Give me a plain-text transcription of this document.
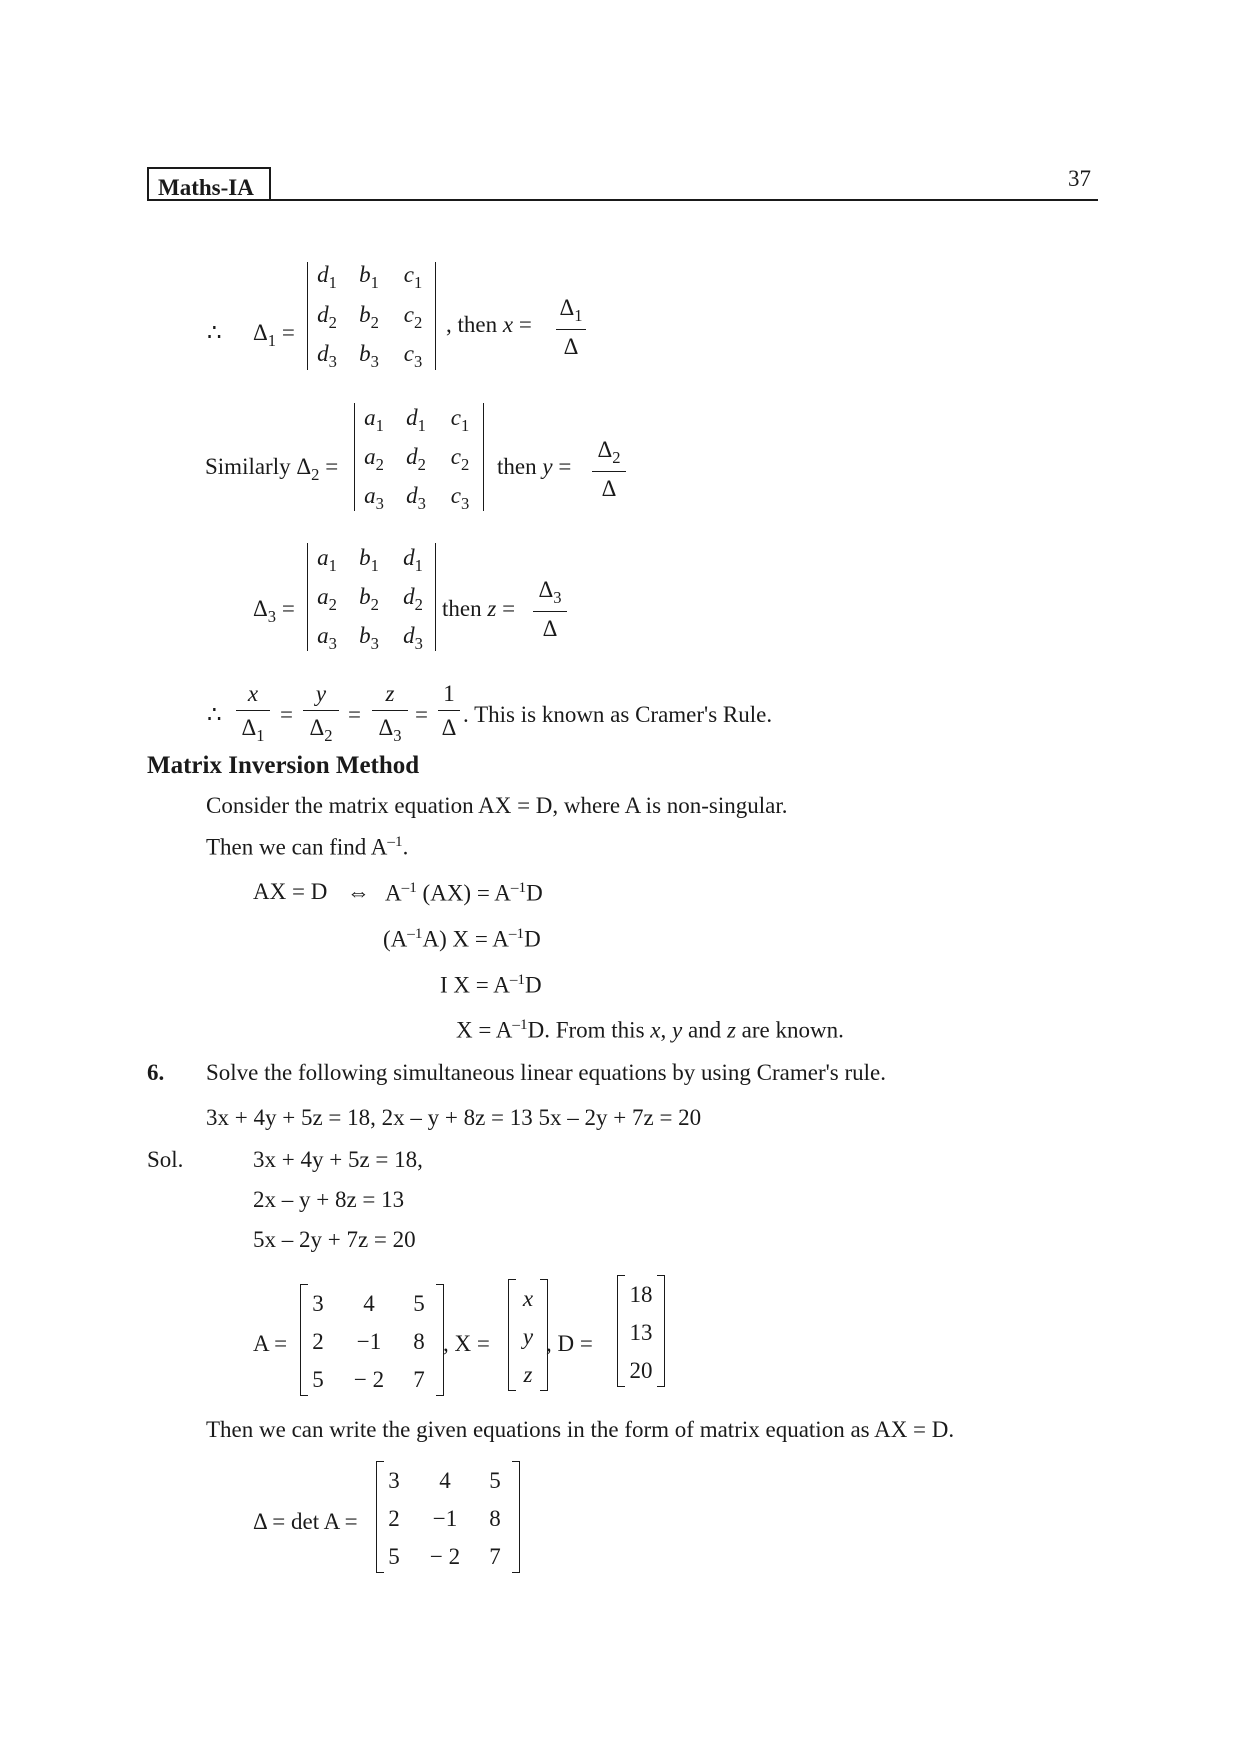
Maths-IA	37
∴ $\Delta_1$ =
$d_1$ $b_1$	$c_1$
$d_2$ $b_2$	$c_2$
$d_3$ $b_3$	$c_3$
, then x =
$\Delta_1$
Δ
Similarly $\Delta_2$ =
$a_1$ $d_1$	$c_1$
$a_2$ $d_2$	$c_2$
$a_3$ $d_3$	$c_3$
then y =
$\Delta_2$
Δ
$\Delta_3$ =
$a_1$ $b_1$	$d_1$
$a_2$ $b_2$	$d_2$
$a_3$ $b_3$	$d_3$
then z =
$\Delta_3$
Δ
∴
x
$\Delta_1$
=
y
$\Delta_2$
=
z
$\Delta_3$
=
1
Δ
. This is known as Cramer's Rule.
Matrix Inversion Method
Consider the matrix equation AX = D, where A is non-singular.
Then we can find $A^{-1}$.
AX = D ⇔ $A^{-1}$ $(AX) = A^{-1}D$
$(A^{-1}A) X = A^{-1}D$
I $X = A^{-1}D$
$X = A^{-1}D$. From this x, y and z are known.
6. Solve the following simultaneous linear equations by using Cramer's rule.
3x + 4y + 5z = 18, 2x – y + 8z = 13 5x – 2y + 7z = 20
Sol.	3x + 4y + 5z = 18,
2x – y + 8z = 13
5x – 2y + 7z = 20
A =
3	4	5
2	−1	8
5	− 2	7
, X =
x
y
z
, D =
18
13
20
Then we can write the given equations in the form of matrix equation as AX = D.
Δ = det A =
3	4	5
2	−1	8
5	− 2	7
